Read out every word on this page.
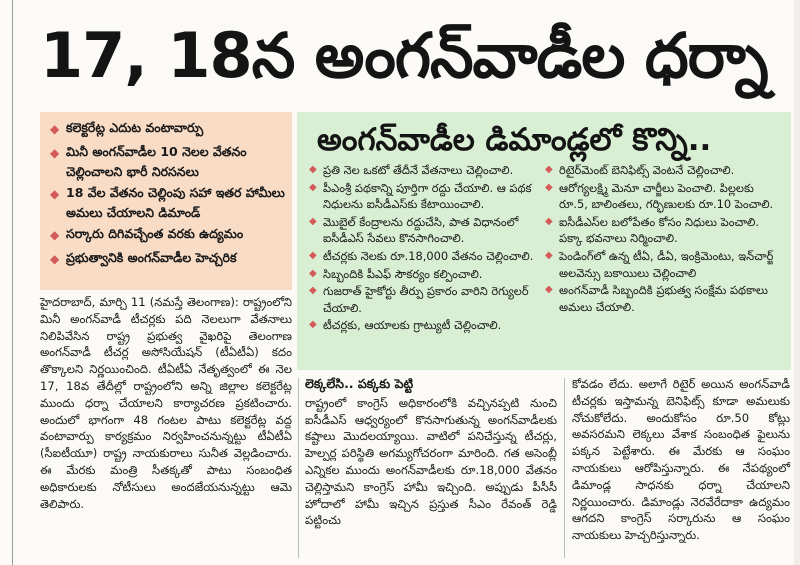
17, 18న అంగన్‌వాడీల ధర్నా
◆ కలెక్టరేట్ల ఎదుట వంటావార్పు
◆ మినీ అంగన్‌వాడీల 10 నెలల వేతనం చెల్లించాలని భారీ నిరసనలు
◆ 18 వేల వేతనం చెల్లింపు సహా ఇతర హామీలు అమలు చేయాలని డిమాండ్
◆ సర్కారు దిగివచ్చేంత వరకు ఉద్యమం
◆ ప్రభుత్వానికి అంగన్‌వాడీల హెచ్చరిక
అంగన్‌వాడీల డిమాండ్లలో కొన్ని..
◆ ప్రతి నెల ఒకటో తేదీనే వేతనాలు చెల్లించాలి.
◆ పీఎంశ్రీ పథకాన్ని పూర్తిగా రద్దు చేయాలి. ఆ పథక నిధులను ఐసీడీఎస్‌కు కేటాయించాలి.
◆ మొబైల్ కేంద్రాలను రద్దుచేసి, పాత విధానంలో ఐసీడీఎస్ సేవలు కొనసాగించాలి.
◆ టీచర్లకు నెలకు రూ.18,000 వేతనం చెల్లించాలి.
◆ సిబ్బందికి పీఎఫ్ సౌకర్యం కల్పించాలి.
◆ గుజరాత్ హైకోర్టు తీర్పు ప్రకారం వారిని రెగ్యులర్ చేయాలి.
◆ టీచర్లకు, ఆయాలకు గ్రాట్యుటీ చెల్లించాలి.
◆ రిటైర్‌మెంట్ బెనిఫిట్స్ వెంటనే చెల్లించాలి.
◆ ఆరోగ్యలక్ష్మి మెనూ చార్జీలు పెంచాలి. పిల్లలకు రూ.5, బాలింతలు, గర్భిణులకు రూ.10 పెంచాలి.
◆ ఐసీడీఎస్‌ల బలోపేతం కోసం నిధులు పెంచాలి. పక్కా భవనాలు నిర్మించాలి.
◆ పెండింగ్‌లో ఉన్న టీఏ, డీఏ, ఇంక్రిమెంటు, ఇన్‌చార్జ్ అలవెన్సు బకాయిలు చెల్లించాలి
◆ అంగన్‌వాడీ సిబ్బందికి ప్రభుత్వ సంక్షేమ పథకాలు అమలు చేయాలి.
హైదరాబాద్, మార్చి 11 (నమస్తే తెలంగాణ): రాష్ట్రంలోని మినీ అంగన్‌వాడీ టీచర్లకు పది నెలలుగా వేతనాలు నిలిపివేసిన రాష్ట్ర ప్రభుత్వ వైఖరిపై తెలంగాణ అంగన్‌వాడీ టీచర్ల అసోసియేషన్ (టీఏటీఏ) కదం తొక్కాలని నిర్ణయించింది. టీఏటీఏ నేతృత్వంలో ఈ నెల 17, 18వ తేదీల్లో రాష్ట్రంలోని అన్ని జిల్లాల కలెక్టరేట్ల ముందు ధర్నా చేయాలని కార్యాచరణ ప్రకటించారు. అందులో భాగంగా 48 గంటల పాటు కలెక్టరేట్ల వద్ద వంటావార్పు కార్యక్రమం నిర్వహించనున్నట్టు టీఏటీఏ (సీఐటీయూ) రాష్ట్ర నాయకురాలు సునీత వెల్లడించారు. ఈ మేరకు మంత్రి సీతక్కతో పాటు సంబంధిత అధికారులకు నోటీసులు అందజేయనున్నట్టు ఆమె తెలిపారు.
లెక్కలేసి.. పక్కకు పెట్టి
రాష్ట్రంలో కాంగ్రెస్ అధికారంలోకి వచ్చినప్పటి నుంచి ఐసీడీఎస్ ఆధ్వర్యంలో కొనసాగుతున్న అంగన్‌వాడీలకు కష్టాలు మొదలయ్యాయి. వాటిలో పనిచేస్తున్న టీచర్లు, హెల్పర్ల పరిస్థితి అగమ్యగోచరంగా మారింది. గత అసెంబ్లీ ఎన్నికల ముందు అంగన్‌వాడీలకు రూ.18,000 వేతనం చెల్లిస్తామని కాంగ్రెస్ హామీ ఇచ్చింది. అప్పుడు పీసీసీ హోదాలో హామీ ఇచ్చిన ప్రస్తుత సీఎం రేవంత్ రెడ్డి పట్టించు
కోవడం లేదు. అలాగే రిటైర్ అయిన అంగన్‌వాడీ టీచర్లకు ఇస్తామన్న బెనిఫిట్స్ కూడా అమలుకు నోచుకోలేదు. అందుకోసం రూ.50 కోట్లు అవసరమని లెక్కలు వేశాక సంబంధిత ఫైలును పక్కన పెట్టేశారు. ఈ మేరకు ఆ సంఘం నాయకులు ఆరోపిస్తున్నారు. ఈ నేపథ్యంలో డిమాండ్ల సాధనకు ధర్నా చేయాలని నిర్ణయించారు. డిమాండ్లు నెరవేరేదాకా ఉద్యమం ఆగదని కాంగ్రెస్ సర్కారును ఆ సంఘం నాయకులు హెచ్చరిస్తున్నారు.
